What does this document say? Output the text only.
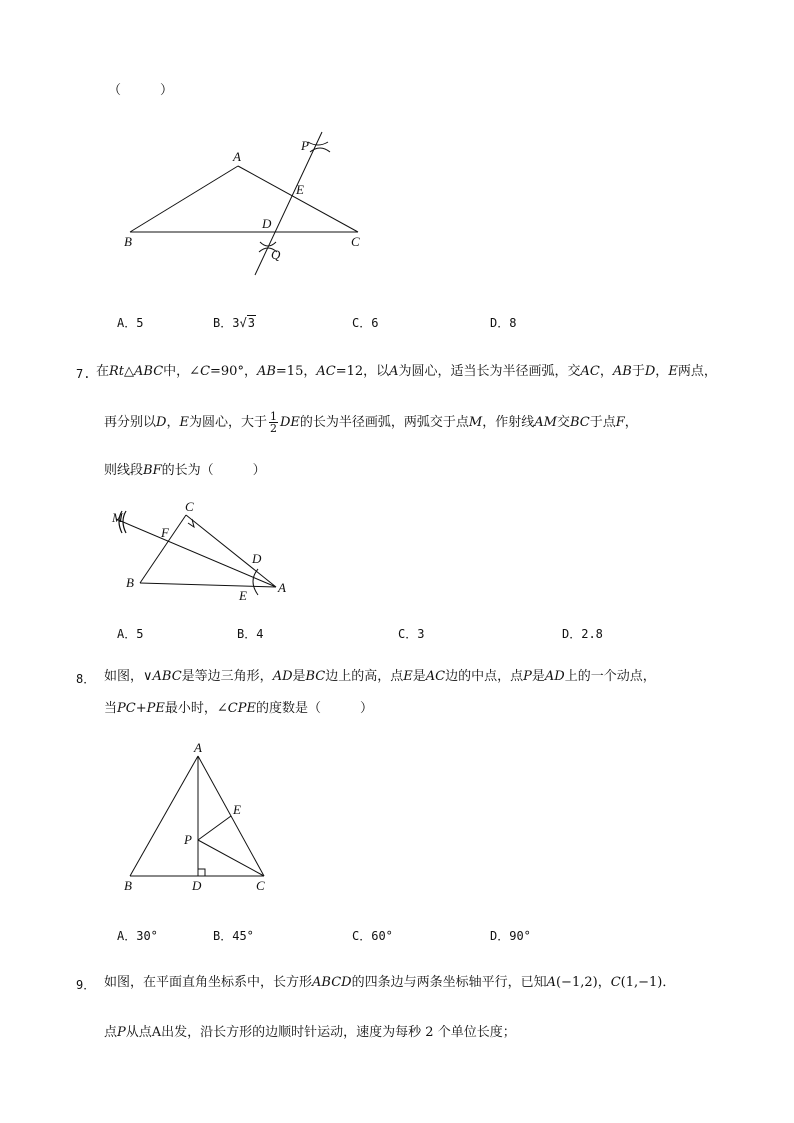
（　　　）
A
B	C
D
E
P
Q
A．5	B．3√3	C．6	D．8
7. 在Rt△ABC中，∠C=90°，AB=15，AC=12，以A为圆心，适当长为半径画弧，交AC，AB于D，E两点，
再分别以D，E为圆心，大于 $\frac{1}{2}$ DE的长为半径画弧，两弧交于点M，作射线AM交BC于点F，
则线段BF的长为（　　　）
M
C
F
D
B
E
A
A．5	B．4	C．3	D．2.8
8． 如图，∨ABC是等边三角形，AD是BC边上的高，点E是AC边的中点，点P是AD上的一个动点，
当PC+PE最小时，∠CPE的度数是（　　　）
A
E
P
B	D	C
A．30°	B．45°	C．60°	D．90°
9． 如图，在平面直角坐标系中，长方形ABCD的四条边与两条坐标轴平行，已知A(−1,2)，C(1,−1)．
点P从点A出发，沿长方形的边顺时针运动，速度为每秒 2 个单位长度；
